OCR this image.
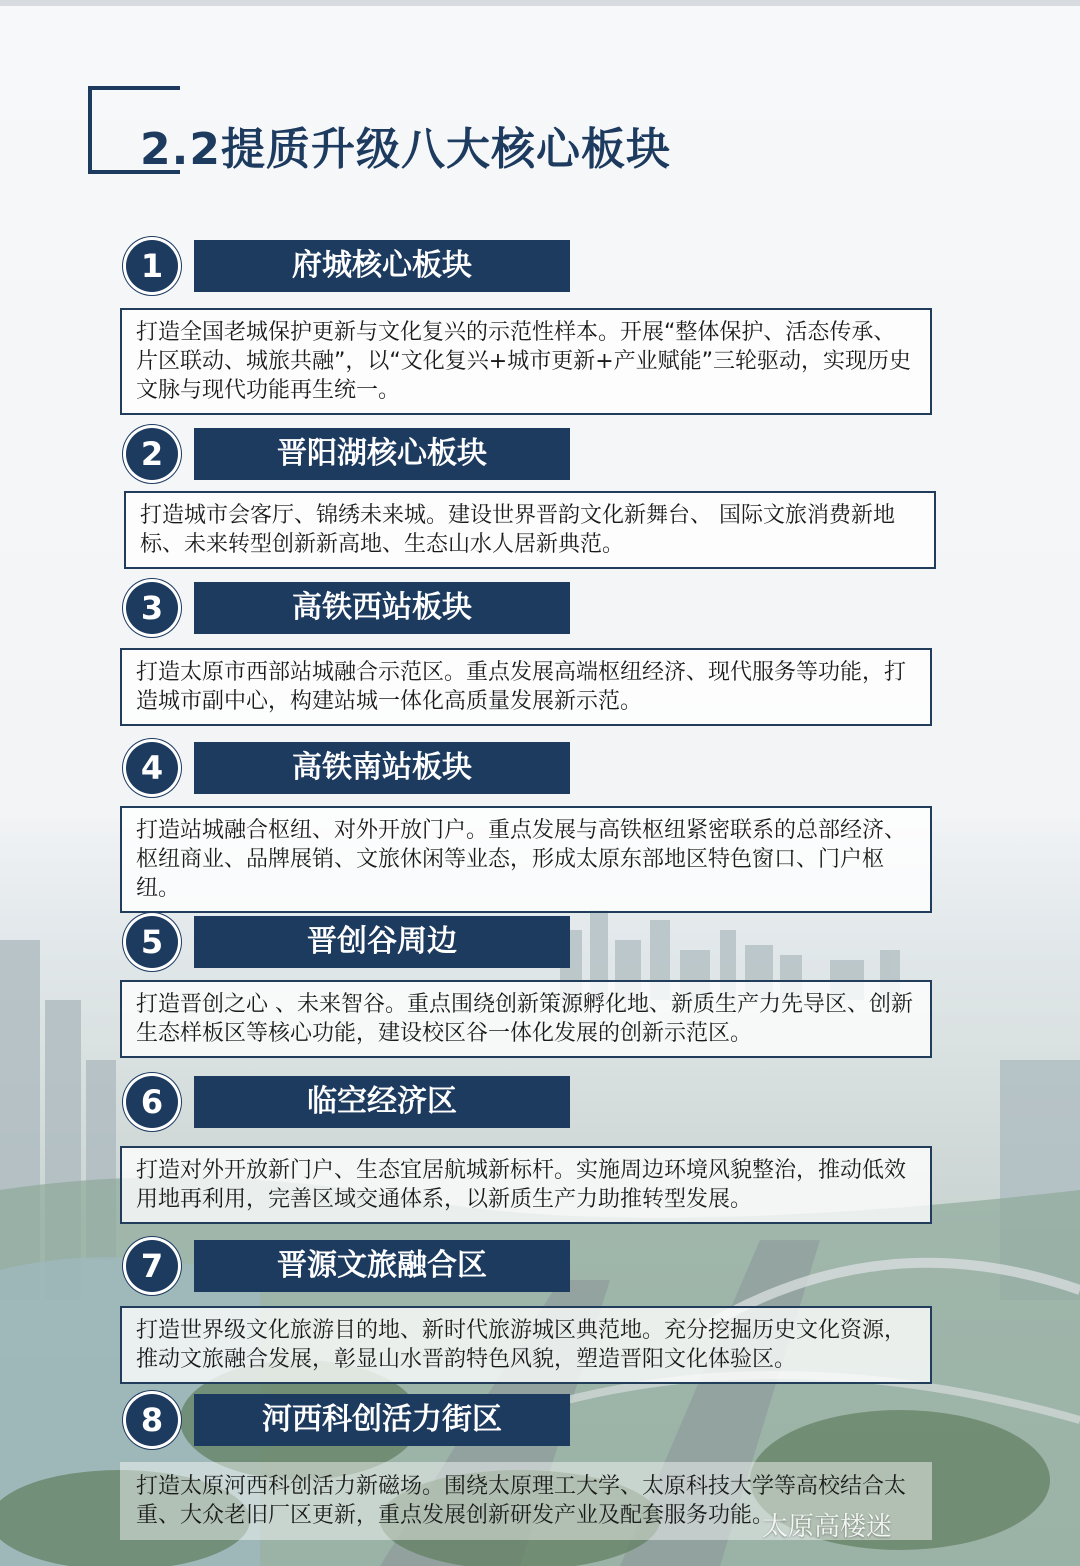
2.2提质升级八大核心板块
1	府城核心板块
打造全国老城保护更新与文化复兴的示范性样本。开展“整体保护、活态传承、片区联动、城旅共融”，以“文化复兴+城市更新+产业赋能”三轮驱动，实现历史文脉与现代功能再生统一。
2	晋阳湖核心板块
打造城市会客厅、锦绣未来城。建设世界晋韵文化新舞台、 国际文旅消费新地标、未来转型创新新高地、生态山水人居新典范。
3	高铁西站板块
打造太原市西部站城融合示范区。重点发展高端枢纽经济、现代服务等功能，打造城市副中心，构建站城一体化高质量发展新示范。
4	高铁南站板块
打造站城融合枢纽、对外开放门户。重点发展与高铁枢纽紧密联系的总部经济、枢纽商业、品牌展销、文旅休闲等业态，形成太原东部地区特色窗口、门户枢纽。
5	晋创谷周边
打造晋创之心 、未来智谷。重点围绕创新策源孵化地、新质生产力先导区、创新生态样板区等核心功能，建设校区谷一体化发展的创新示范区。
6	临空经济区
打造对外开放新门户、生态宜居航城新标杆。实施周边环境风貌整治，推动低效用地再利用，完善区域交通体系，以新质生产力助推转型发展。
7	晋源文旅融合区
打造世界级文化旅游目的地、新时代旅游城区典范地。充分挖掘历史文化资源，推动文旅融合发展，彰显山水晋韵特色风貌，塑造晋阳文化体验区。
8	河西科创活力街区
打造太原河西科创活力新磁场。围绕太原理工大学、太原科技大学等高校结合太重、大众老旧厂区更新，重点发展创新研发产业及配套服务功能。
太原高楼迷
